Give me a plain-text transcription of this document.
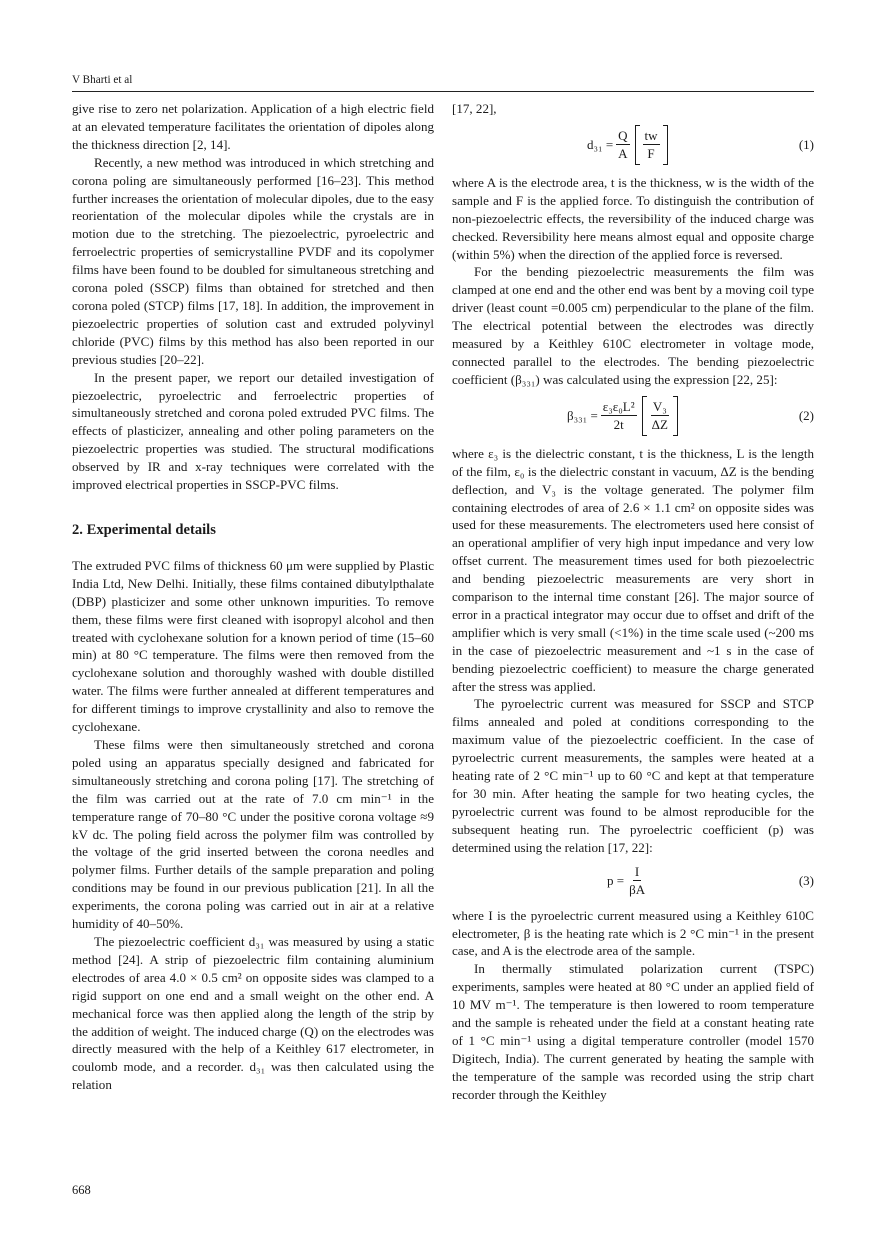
V Bharti et al

give rise to zero net polarization. Application of a high electric field at an elevated temperature facilitates the orientation of dipoles along the thickness direction [2, 14].

Recently, a new method was introduced in which stretching and corona poling are simultaneously performed [16–23]. This method further increases the orientation of molecular dipoles, due to the easy reorientation of the molecular dipoles while the crystals are in motion due to the stretching. The piezoelectric, pyroelectric and ferroelectric properties of semicrystalline PVDF and its copolymer films have been found to be doubled for simultaneous stretching and corona poled (SSCP) films than obtained for stretched and then corona poled (STCP) films [17, 18]. In addition, the improvement in piezoelectric properties of solution cast and extruded polyvinyl chloride (PVC) films by this method has also been reported in our previous studies [20–22].

In the present paper, we report our detailed investigation of piezoelectric, pyroelectric and ferroelectric properties of simultaneously stretched and corona poled extruded PVC films. The effects of plasticizer, annealing and other poling parameters on the piezoelectric properties was studied. The structural modifications observed by IR and x-ray techniques were correlated with the improved electrical properties in SSCP-PVC films.

2. Experimental details

The extruded PVC films of thickness 60 μm were supplied by Plastic India Ltd, New Delhi. Initially, these films contained dibutylpthalate (DBP) plasticizer and some other unknown impurities. To remove them, these films were first cleaned with isopropyl alcohol and then treated with cyclohexane solution for a known period of time (15–60 min) at 80 °C temperature. The films were then removed from the cyclohexane solution and thoroughly washed with double distilled water. The films were further annealed at different temperatures and for different timings to improve crystallinity and also to remove the cyclohexane.

These films were then simultaneously stretched and corona poled using an apparatus specially designed and fabricated for simultaneously stretching and corona poling [17]. The stretching of the film was carried out at the rate of 7.0 cm min⁻¹ in the temperature range of 70–80 °C under the positive corona voltage ≈9 kV dc. The poling field across the polymer film was controlled by the voltage of the grid inserted between the corona needles and polymer films. Further details of the sample preparation and poling conditions may be found in our previous publication [21]. In all the experiments, the corona poling was carried out in air at a relative humidity of 40–50%.

The piezoelectric coefficient d₃₁ was measured by using a static method [24]. A strip of piezoelectric film containing aluminium electrodes of area 4.0 × 0.5 cm² on opposite sides was clamped to a rigid support on one end and a small weight on the other end. A mechanical force was then applied along the length of the strip by the addition of weight. The induced charge (Q) on the electrodes was directly measured with the help of a Keithley 617 electrometer, in coulomb mode, and a recorder. d₃₁ was then calculated using the relation

[17, 22],

$d_{31} = \frac{Q}{A} \frac{tw}{F}$	(1)

where A is the electrode area, t is the thickness, w is the width of the sample and F is the applied force. To distinguish the contribution of non-piezoelectric effects, the reversibility of the induced charge was checked. Reversibility here means almost equal and opposite charge (within 5%) when the direction of the applied force is reversed.

For the bending piezoelectric measurements the film was clamped at one end and the other end was bent by a moving coil type driver (least count =0.005 cm) perpendicular to the plane of the film. The electrical potential between the electrodes was directly measured by a Keithley 610C electrometer in voltage mode, connected parallel to the electrodes. The bending piezoelectric coefficient (β₃₃₁) was calculated using the expression [22, 25]:

$\beta_{331} = \frac{\text{ε₃ε₀L²}}{2t} \frac{\text{V₃}}{\Delta Z}$	(2)

where ε₃ is the dielectric constant, t is the thickness, L is the length of the film, ε₀ is the dielectric constant in vacuum, ΔZ is the bending deflection, and V₃ is the voltage generated. The polymer film containing electrodes of area of 2.6 × 1.1 cm² on opposite sides was used for these measurements. The electrometers used here consist of an operational amplifier of very high input impedance and very low offset current. The measurement times used for both piezoelectric and bending piezoelectric measurements are very short in comparison to the internal time constant [26]. The major source of error in a practical integrator may occur due to offset and drift of the amplifier which is very small (<1%) in the time scale used (~200 ms in the case of piezoelectric measurement and ~1 s in the case of bending piezoelectric coefficient) to measure the charge generated after the stress was applied.

The pyroelectric current was measured for SSCP and STCP films annealed and poled at conditions corresponding to the maximum value of the piezoelectric coefficient. In the case of pyroelectric current measurements, the samples were heated at a heating rate of 2 °C min⁻¹ up to 60 °C and kept at that temperature for 30 min. After heating the sample for two heating cycles, the pyroelectric current was found to be almost reproducible for the subsequent heating run. The pyroelectric coefficient (p) was determined using the relation [17, 22]:

$p = \frac{I}{\beta A}$	(3)

where I is the pyroelectric current measured using a Keithley 610C electrometer, β is the heating rate which is 2 °C min⁻¹ in the present case, and A is the electrode area of the sample.

In thermally stimulated polarization current (TSPC) experiments, samples were heated at 80 °C under an applied field of 10 MV m⁻¹. The temperature is then lowered to room temperature and the sample is reheated under the field at a constant heating rate of 1 °C min⁻¹ using a digital temperature controller (model 1570 Digitech, India). The current generated by heating the sample with the temperature of the sample was recorded using the strip chart recorder through the Keithley

668
